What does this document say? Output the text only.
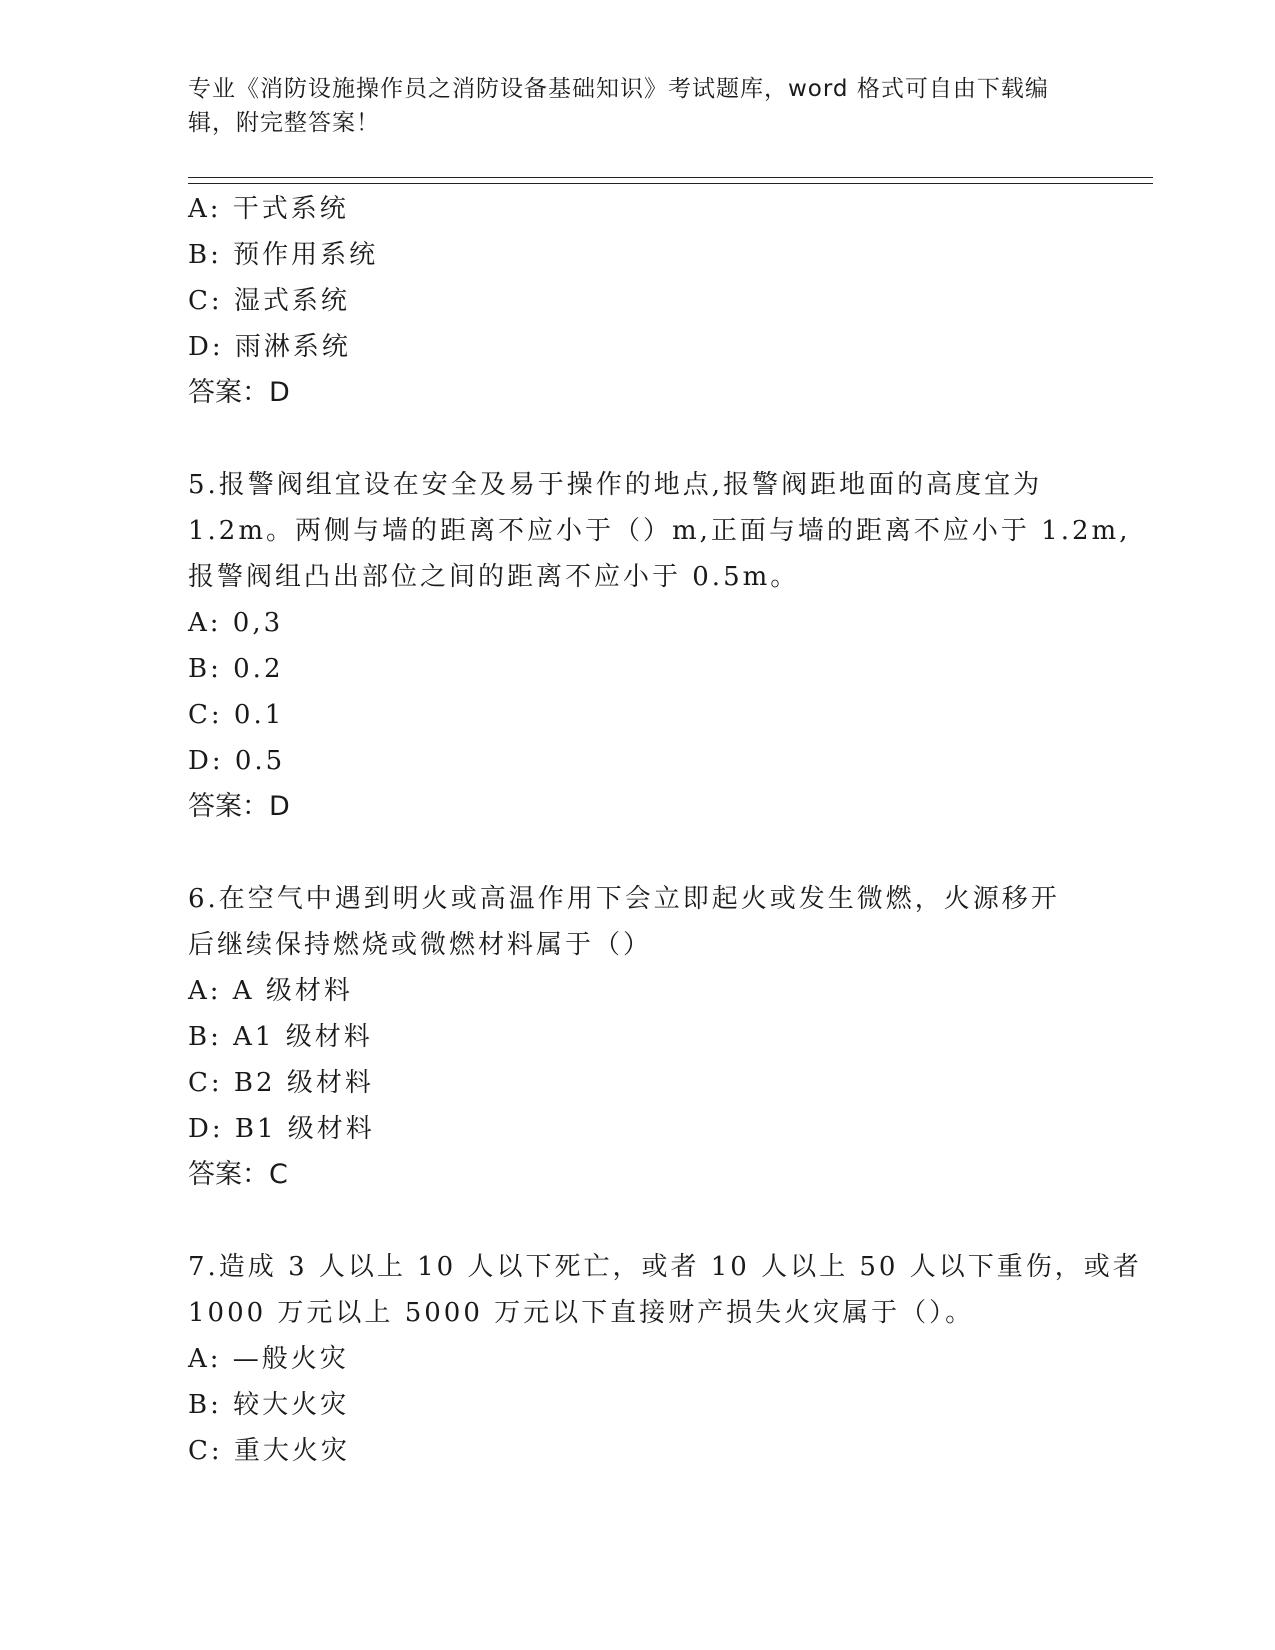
专业《消防设施操作员之消防设备基础知识》考试题库，word 格式可自由下载编
辑，附完整答案！
A: 干式系统
B: 预作用系统
C: 湿式系统
D: 雨淋系统
答案：D
5.报警阀组宜设在安全及易于操作的地点,报警阀距地面的高度宜为
1.2m。两侧与墙的距离不应小于（）m,正面与墙的距离不应小于 1.2m,
报警阀组凸出部位之间的距离不应小于 0.5m。
A: 0,3
B: 0.2
C: 0.1
D: 0.5
答案：D
6.在空气中遇到明火或高温作用下会立即起火或发生微燃，火源移开
后继续保持燃烧或微燃材料属于（）
A: A 级材料
B: A1 级材料
C: B2 级材料
D: B1 级材料
答案：C
7.造成 3 人以上 10 人以下死亡，或者 10 人以上 50 人以下重伤，或者
1000 万元以上 5000 万元以下直接财产损失火灾属于（）。
A: —般火灾
B: 较大火灾
C: 重大火灾
